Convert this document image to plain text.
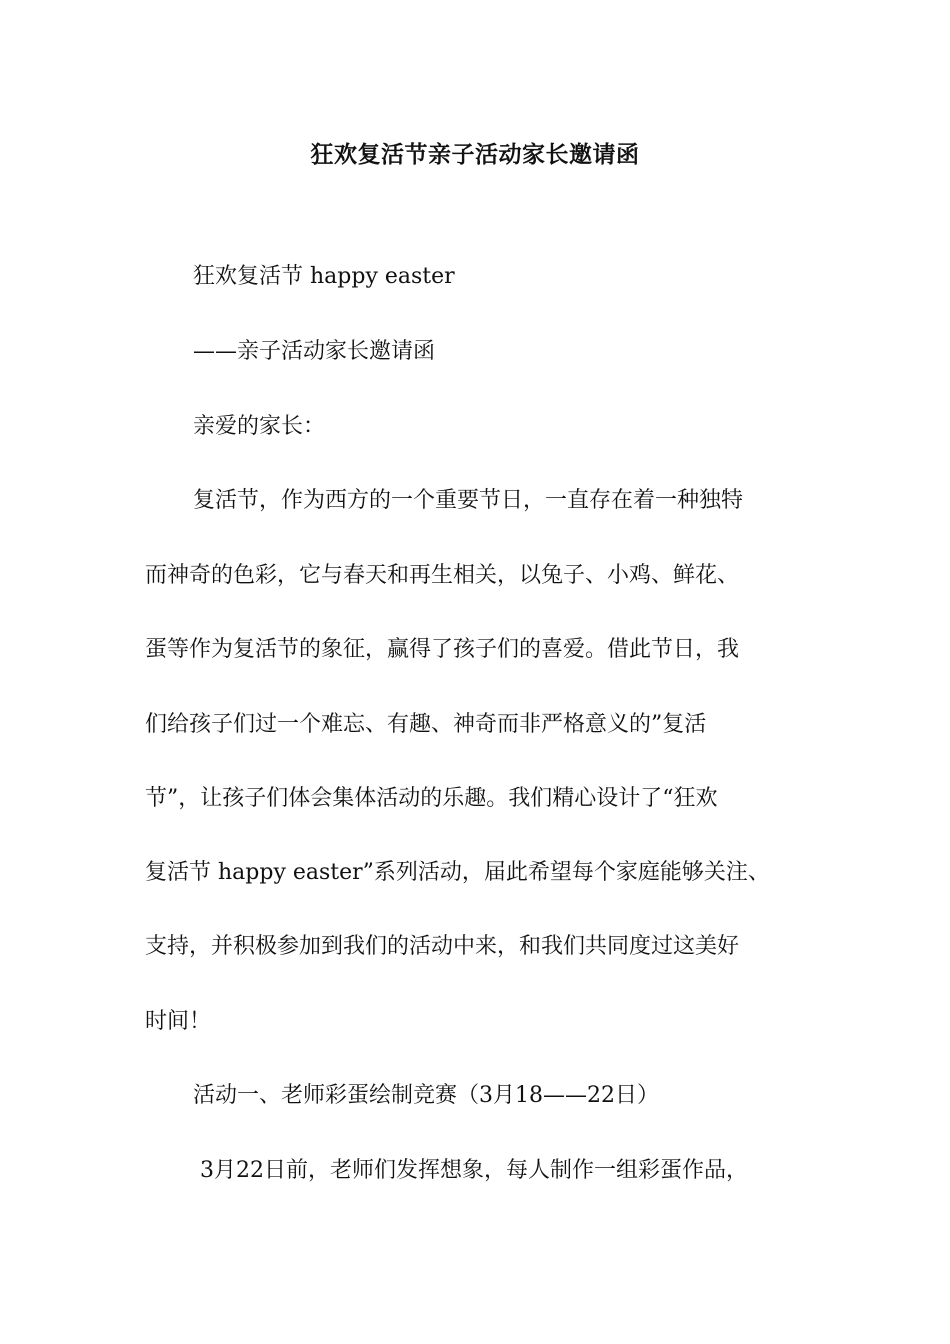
狂欢复活节亲子活动家长邀请函
狂欢复活节 happy easter
——亲子活动家长邀请函
亲爱的家长：
复活节，作为西方的一个重要节日，一直存在着一种独特
而神奇的色彩，它与春天和再生相关，以兔子、小鸡、鲜花、
蛋等作为复活节的象征，赢得了孩子们的喜爱。借此节日，我
们给孩子们过一个难忘、有趣、神奇而非严格意义的”复活
节”，让孩子们体会集体活动的乐趣。我们精心设计了“狂欢
复活节 happy easter”系列活动，届此希望每个家庭能够关注、
支持，并积极参加到我们的活动中来，和我们共同度过这美好
时间！
活动一、老师彩蛋绘制竞赛（3月18——22日）
3月22日前，老师们发挥想象，每人制作一组彩蛋作品，
